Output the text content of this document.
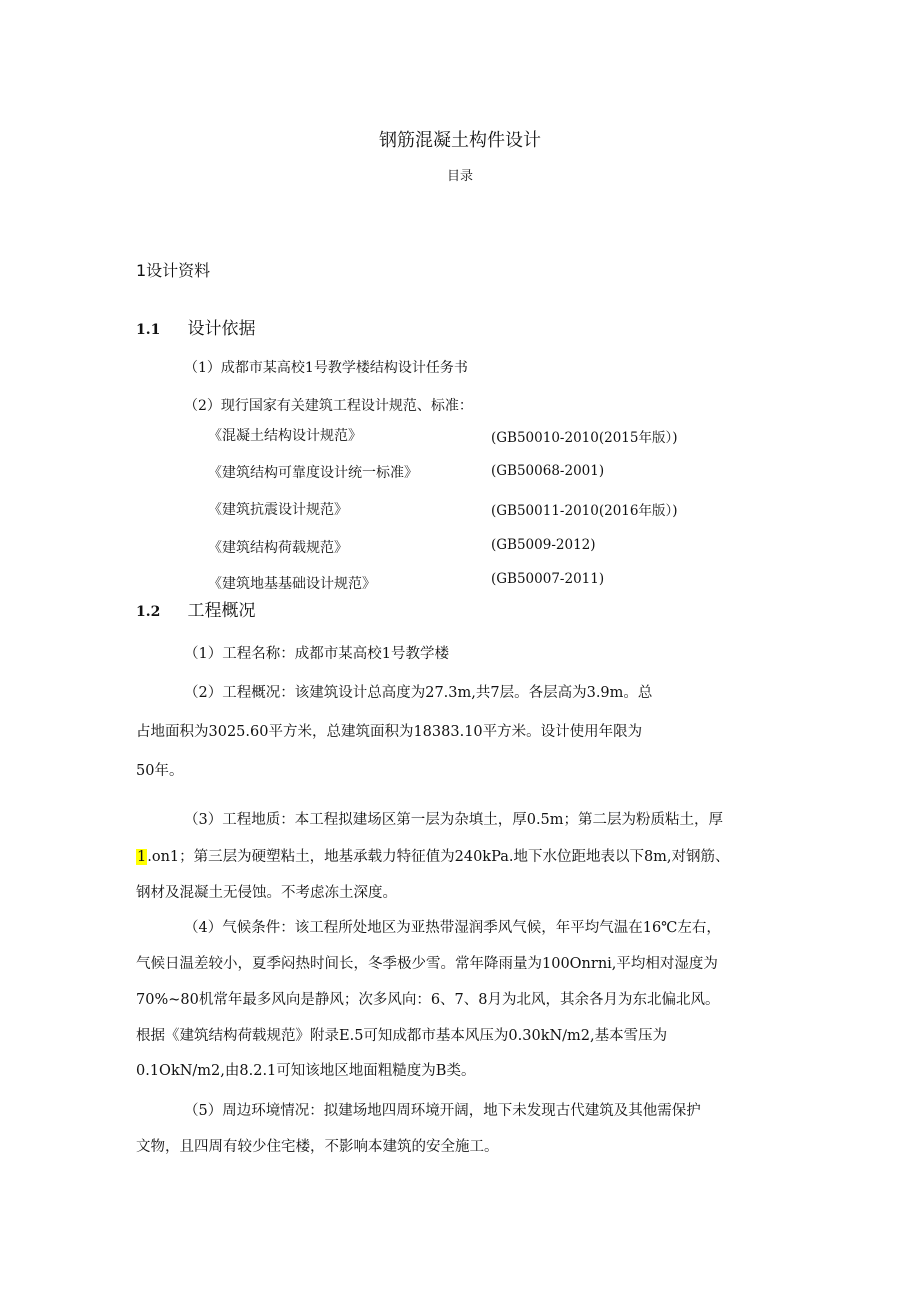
钢筋混凝土构件设计
目录
1设计资料
1.1 设计依据
（1）成都市某高校1号教学楼结构设计任务书
（2）现行国家有关建筑工程设计规范、标准：
《混凝土结构设计规范》	(GB50010-2010(2015年版）)
《建筑结构可靠度设计统一标准》	(GB50068-2001)
《建筑抗震设计规范》	(GB50011-2010(2016年版）)
《建筑结构荷载规范》	(GB5009-2012)
《建筑地基基础设计规范》	(GB50007-2011)
1.2 工程概况
（1）工程名称：成都市某高校1号教学楼
（2）工程概况：该建筑设计总高度为27.3m,共7层。各层高为3.9m。总
占地面积为3025.60平方米，总建筑面积为18383.10平方米。设计使用年限为
50年。
（3）工程地质：本工程拟建场区第一层为杂填土，厚0.5m；第二层为粉质粘土，厚
1.on1；第三层为硬塑粘土，地基承载力特征值为240kPa.地下水位距地表以下8m,对钢筋、
钢材及混凝土无侵蚀。不考虑冻土深度。
（4）气候条件：该工程所处地区为亚热带湿润季风气候，年平均气温在16℃左右，
气候日温差较小，夏季闷热时间长，冬季极少雪。常年降雨量为100Onrni,平均相对湿度为
70%~80机常年最多风向是静风；次多风向：6、7、8月为北风，其余各月为东北偏北风。
根据《建筑结构荷载规范》附录E.5可知成都市基本风压为0.30kN∕m2,基本雪压为
0.1OkN/m2,由8.2.1可知该地区地面粗糙度为B类。
（5）周边环境情况：拟建场地四周环境开阔，地下未发现古代建筑及其他需保护
文物，且四周有较少住宅楼，不影响本建筑的安全施工。
